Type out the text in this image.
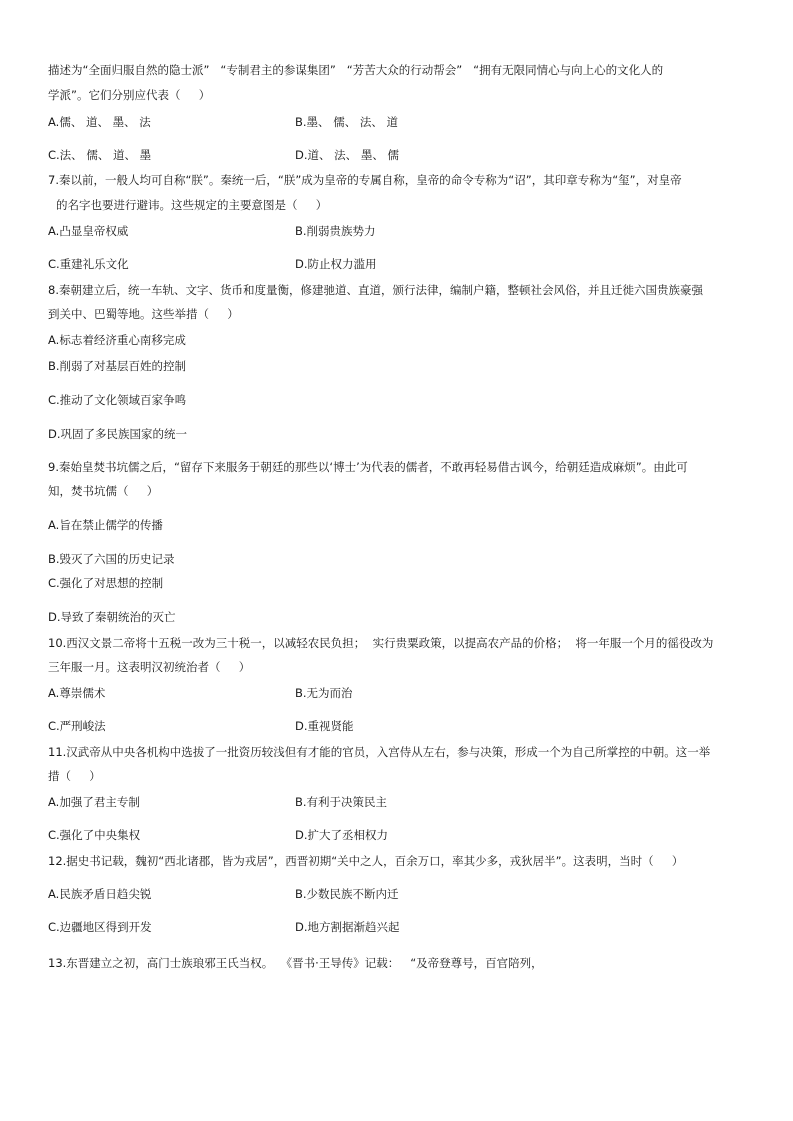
描述为“全面归服自然的隐士派”   “专制君主的参谋集团”   “芳苦大众的行动帮会”   “拥有无限同情心与向上心的文化人的
学派”。它们分别应代表（     ）
A.儒、 道、 墨、 法	B.墨、 儒、 法、 道
C.法、 儒、 道、 墨	D.道、 法、 墨、 儒
7.秦以前，一般人均可自称“朕”。秦统一后，“朕”成为皇帝的专属自称，皇帝的命令专称为“诏”，其印章专称为“玺”，对皇帝
的名字也要进行避讳。这些规定的主要意图是（     ）
A.凸显皇帝权威	B.削弱贵族势力
C.重建礼乐文化	D.防止权力滥用
8.秦朝建立后，统一车轨、文字、货币和度量衡，修建驰道、直道，颁行法律，编制户籍，整顿社会风俗，并且迁徙六国贵族豪强
到关中、巴蜀等地。这些举措（     ）
A.标志着经济重心南移完成
B.削弱了对基层百姓的控制
C.推动了文化领域百家争鸣
D.巩固了多民族国家的统一
9.秦始皇焚书坑儒之后，“留存下来服务于朝廷的那些以‘博士’为代表的儒者，不敢再轻易借古讽今，给朝廷造成麻烦”。由此可
知，焚书坑儒（     ）
A.旨在禁止儒学的传播
B.毁灭了六国的历史记录
C.强化了对思想的控制
D.导致了秦朝统治的灭亡
10.西汉文景二帝将十五税一改为三十税一，以减轻农民负担；  实行贵粟政策，以提高农产品的价格；  将一年服一个月的徭役改为
三年服一月。这表明汉初统治者（     ）
A.尊崇儒术	B.无为而治
C.严刑峻法	D.重视贤能
11.汉武帝从中央各机构中选拔了一批资历较浅但有才能的官员，入宫侍从左右，参与决策，形成一个为自己所掌控的中朝。这一举
措（     ）
A.加强了君主专制	B.有利于决策民主
C.强化了中央集权	D.扩大了丞相权力
12.据史书记载，魏初“西北诸郡，皆为戎居”，西晋初期“关中之人，百余万口，率其少多，戎狄居半”。这表明，当时（     ）
A.民族矛盾日趋尖锐	B.少数民族不断内迁
C.边疆地区得到开发	D.地方割据渐趋兴起
13.东晋建立之初，高门士族琅邪王氏当权。  《晋书·王导传》记载：   “及帝登尊号，百官陪列，
